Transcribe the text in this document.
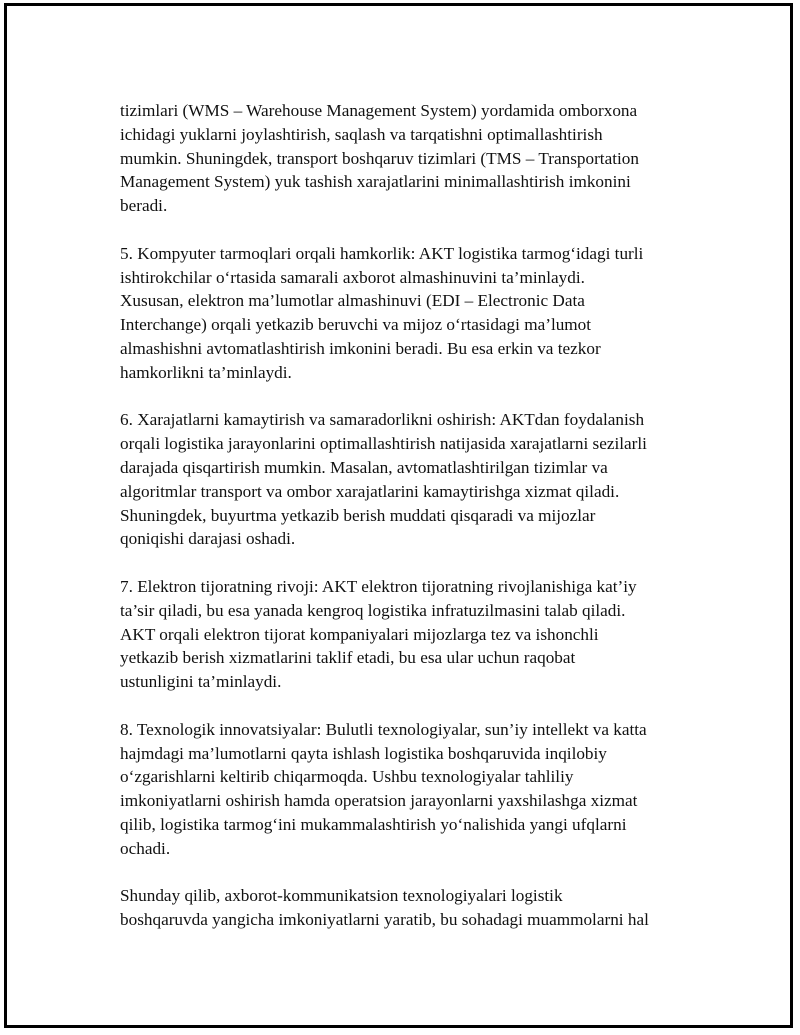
tizimlari (WMS – Warehouse Management System) yordamida omborxona
ichidagi yuklarni joylashtirish, saqlash va tarqatishni optimallashtirish
mumkin. Shuningdek, transport boshqaruv tizimlari (TMS – Transportation
Management System) yuk tashish xarajatlarini minimallashtirish imkonini
beradi.

5. Kompyuter tarmoqlari orqali hamkorlik: AKT logistika tarmog‘idagi turli
ishtirokchilar o‘rtasida samarali axborot almashinuvini ta’minlaydi.
Xususan, elektron ma’lumotlar almashinuvi (EDI – Electronic Data
Interchange) orqali yetkazib beruvchi va mijoz o‘rtasidagi ma’lumot
almashishni avtomatlashtirish imkonini beradi. Bu esa erkin va tezkor
hamkorlikni ta’minlaydi.

6. Xarajatlarni kamaytirish va samaradorlikni oshirish: AKTdan foydalanish
orqali logistika jarayonlarini optimallashtirish natijasida xarajatlarni sezilarli
darajada qisqartirish mumkin. Masalan, avtomatlashtirilgan tizimlar va
algoritmlar transport va ombor xarajatlarini kamaytirishga xizmat qiladi.
Shuningdek, buyurtma yetkazib berish muddati qisqaradi va mijozlar
qoniqishi darajasi oshadi.

7. Elektron tijoratning rivoji: AKT elektron tijoratning rivojlanishiga kat’iy
ta’sir qiladi, bu esa yanada kengroq logistika infratuzilmasini talab qiladi.
AKT orqali elektron tijorat kompaniyalari mijozlarga tez va ishonchli
yetkazib berish xizmatlarini taklif etadi, bu esa ular uchun raqobat
ustunligini ta’minlaydi.

8. Texnologik innovatsiyalar: Bulutli texnologiyalar, sun’iy intellekt va katta
hajmdagi ma’lumotlarni qayta ishlash logistika boshqaruvida inqilobiy
o‘zgarishlarni keltirib chiqarmoqda. Ushbu texnologiyalar tahliliy
imkoniyatlarni oshirish hamda operatsion jarayonlarni yaxshilashga xizmat
qilib, logistika tarmog‘ini mukammalashtirish yo‘nalishida yangi ufqlarni
ochadi.

Shunday qilib, axborot-kommunikatsion texnologiyalari logistik
boshqaruvda yangicha imkoniyatlarni yaratib, bu sohadagi muammolarni hal
